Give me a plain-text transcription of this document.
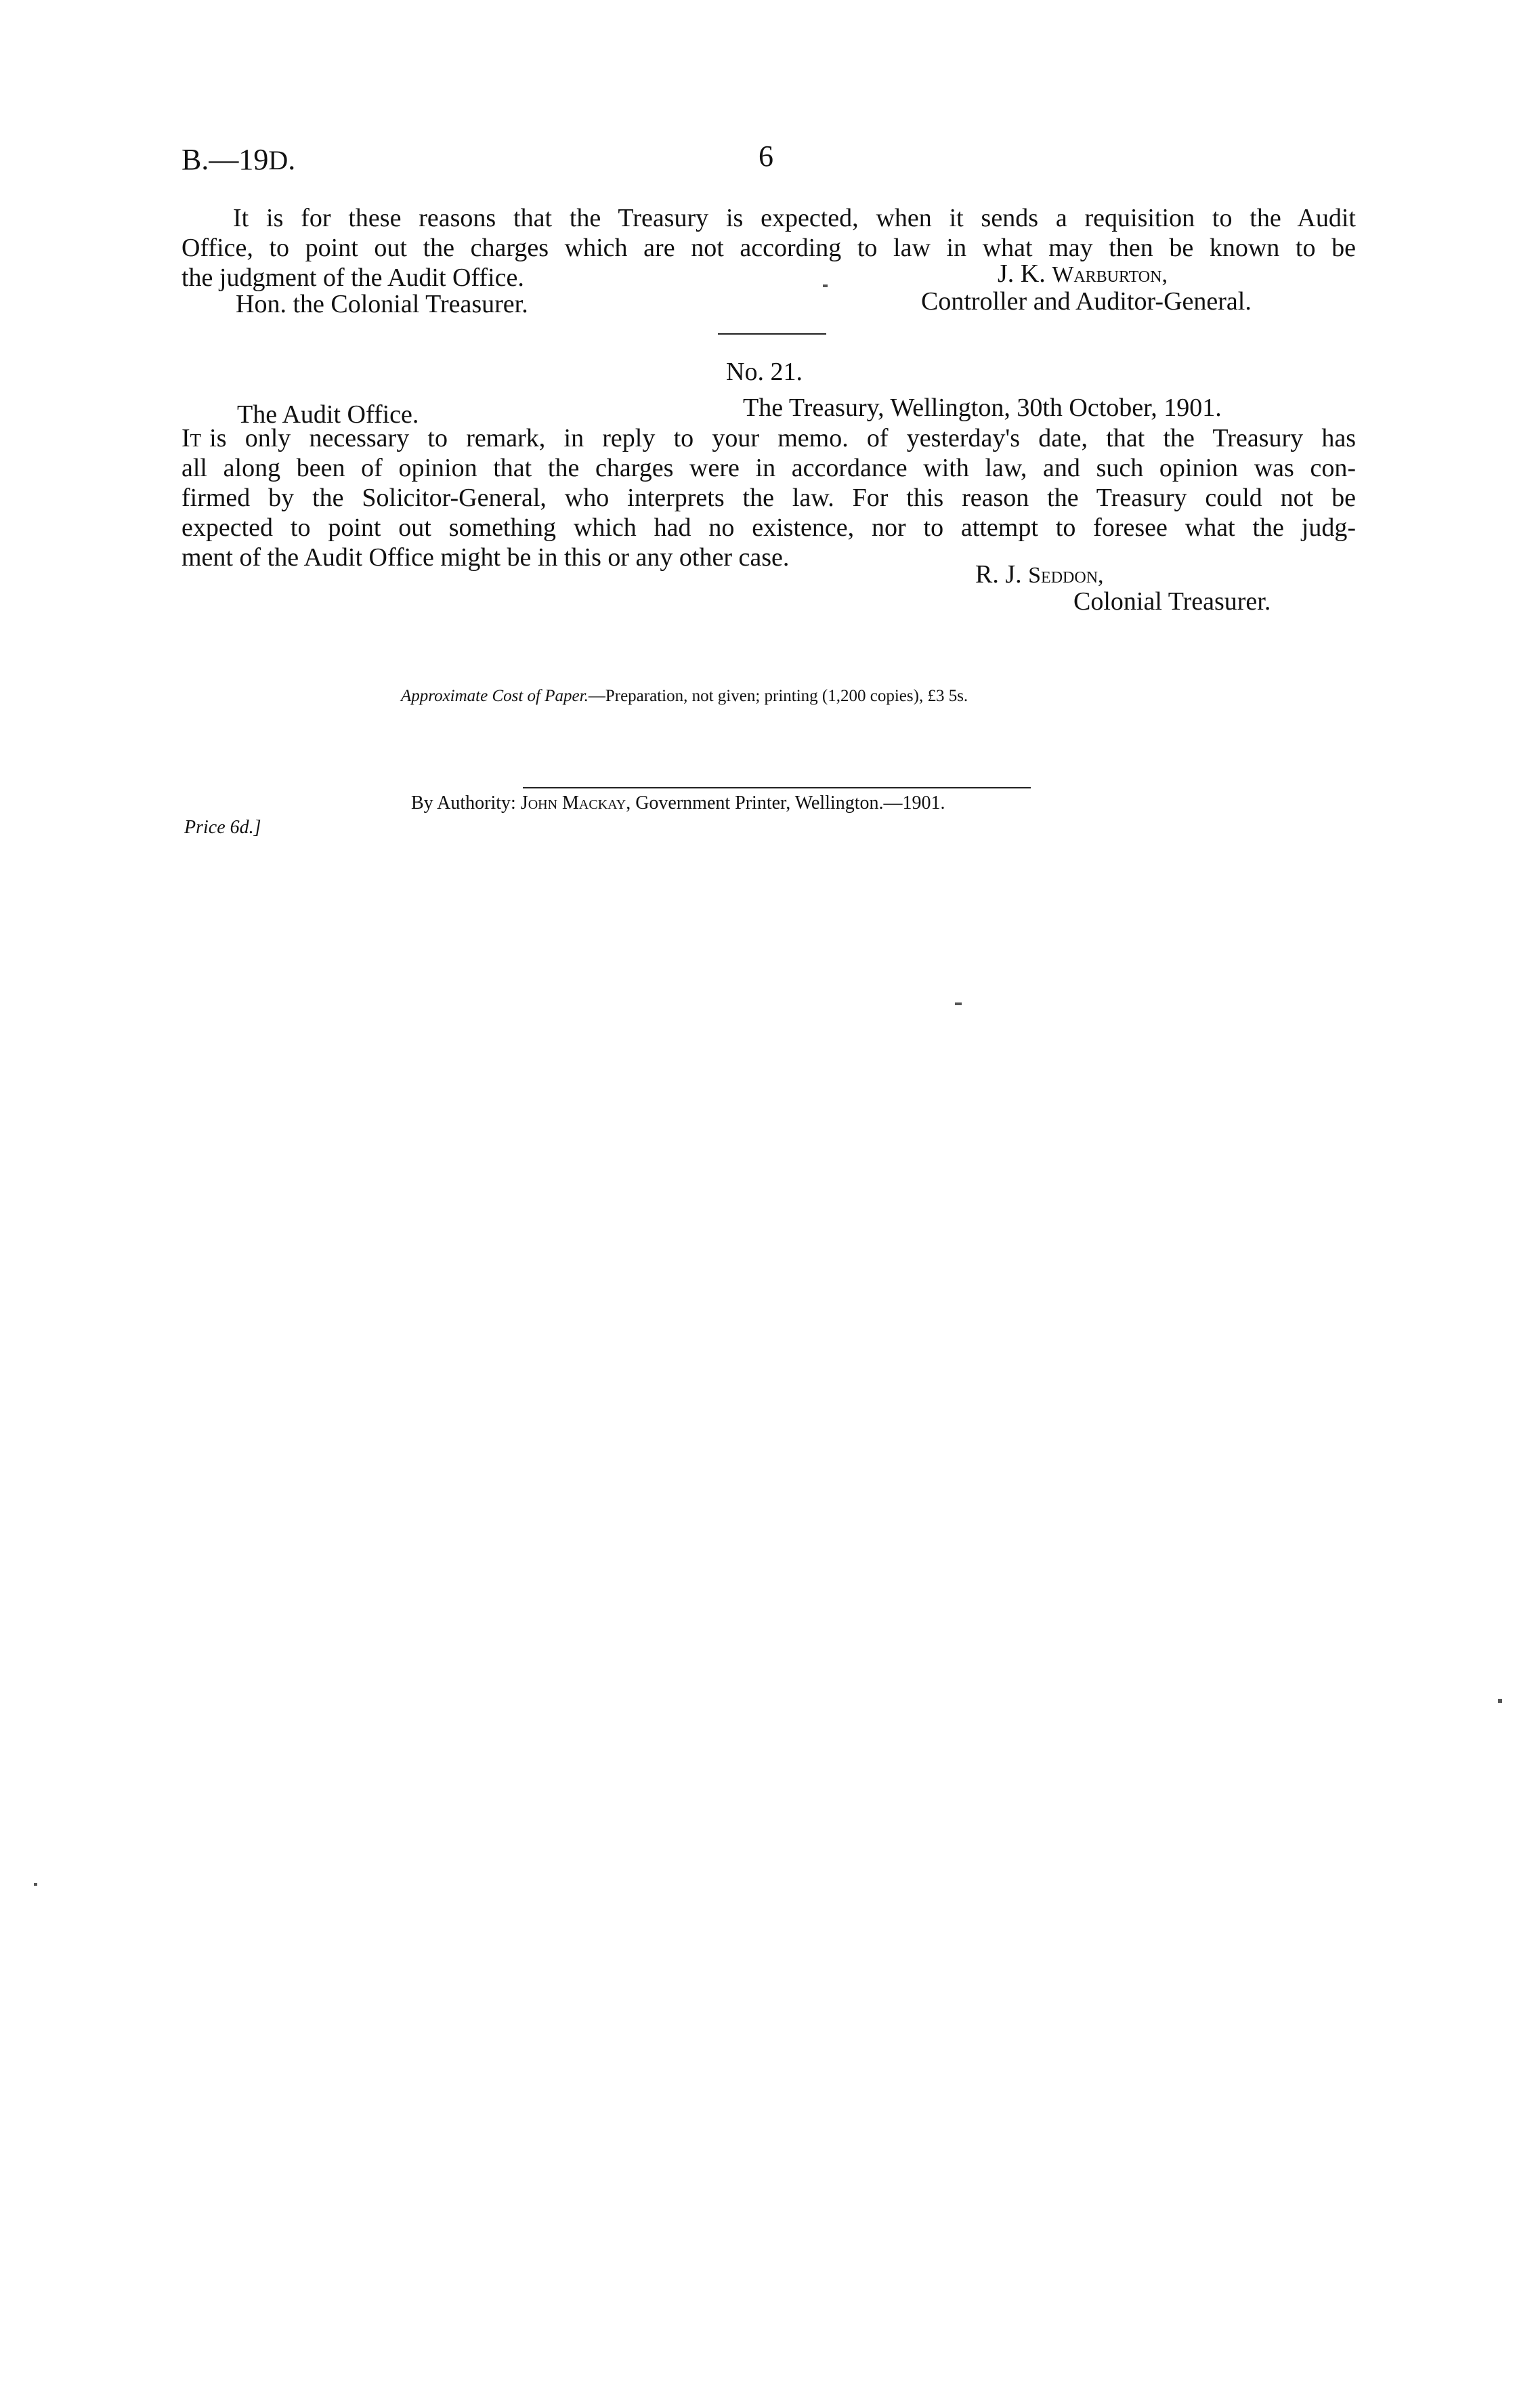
B.—19D.	6
It is for these reasons that the Treasury is expected, when it sends a requisition to the Audit
Office, to point out the charges which are not according to law in what may then be known to be
the judgment of the Audit Office.	J. K. Warburton,
Hon. the Colonial Treasurer.	Controller and Auditor-General.
No. 21.
The Audit Office.	The Treasury, Wellington, 30th October, 1901.
It is only necessary to remark, in reply to your memo. of yesterday's date, that the Treasury has
all along been of opinion that the charges were in accordance with law, and such opinion was con-
firmed by the Solicitor-General, who interprets the law. For this reason the Treasury could not be
expected to point out something which had no existence, nor to attempt to foresee what the judg-
ment of the Audit Office might be in this or any other case.
R. J. Seddon,
Colonial Treasurer.
Approximate Cost of Paper.—Preparation, not given; printing (1,200 copies), £3 5s.
By Authority: John Mackay, Government Printer, Wellington.—1901.
Price 6d.]
